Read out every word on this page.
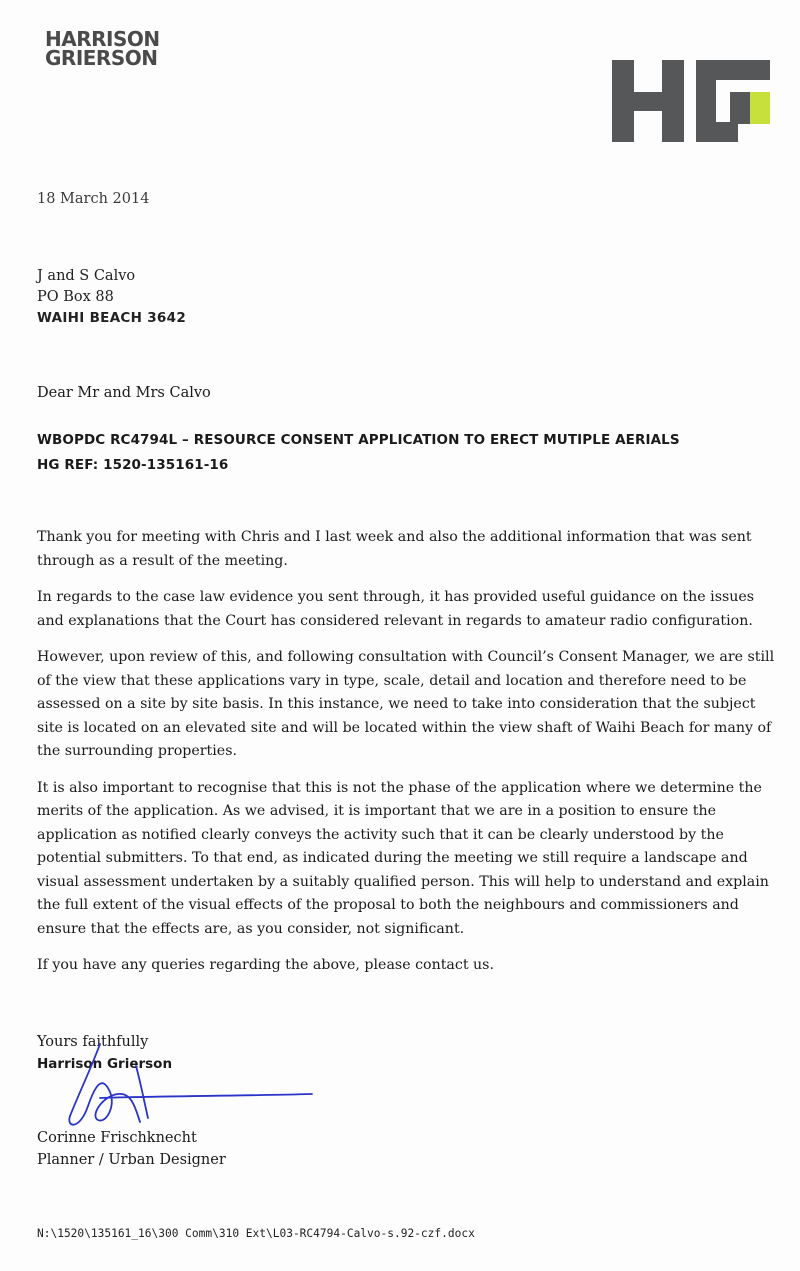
HARRISON
GRIERSON
18 March 2014
J and S Calvo
PO Box 88
WAIHI BEACH 3642
Dear Mr and Mrs Calvo
WBOPDC RC4794L – RESOURCE CONSENT APPLICATION TO ERECT MUTIPLE AERIALS
HG REF: 1520-135161-16

Thank you for meeting with Chris and I last week and also the additional information that was sent through as a result of the meeting.

In regards to the case law evidence you sent through, it has provided useful guidance on the issues and explanations that the Court has considered relevant in regards to amateur radio configuration.

However, upon review of this, and following consultation with Council’s Consent Manager, we are still of the view that these applications vary in type, scale, detail and location and therefore need to be assessed on a site by site basis. In this instance, we need to take into consideration that the subject site is located on an elevated site and will be located within the view shaft of Waihi Beach for many of the surrounding properties.

It is also important to recognise that this is not the phase of the application where we determine the merits of the application. As we advised, it is important that we are in a position to ensure the application as notified clearly conveys the activity such that it can be clearly understood by the potential submitters. To that end, as indicated during the meeting we still require a landscape and visual assessment undertaken by a suitably qualified person. This will help to understand and explain the full extent of the visual effects of the proposal to both the neighbours and commissioners and ensure that the effects are, as you consider, not significant.

If you have any queries regarding the above, please contact us.

Yours faithfully
Harrison Grierson
Corinne Frischknecht
Planner / Urban Designer
N:\1520\135161_16\300 Comm\310 Ext\L03-RC4794-Calvo-s.92-czf.docx
